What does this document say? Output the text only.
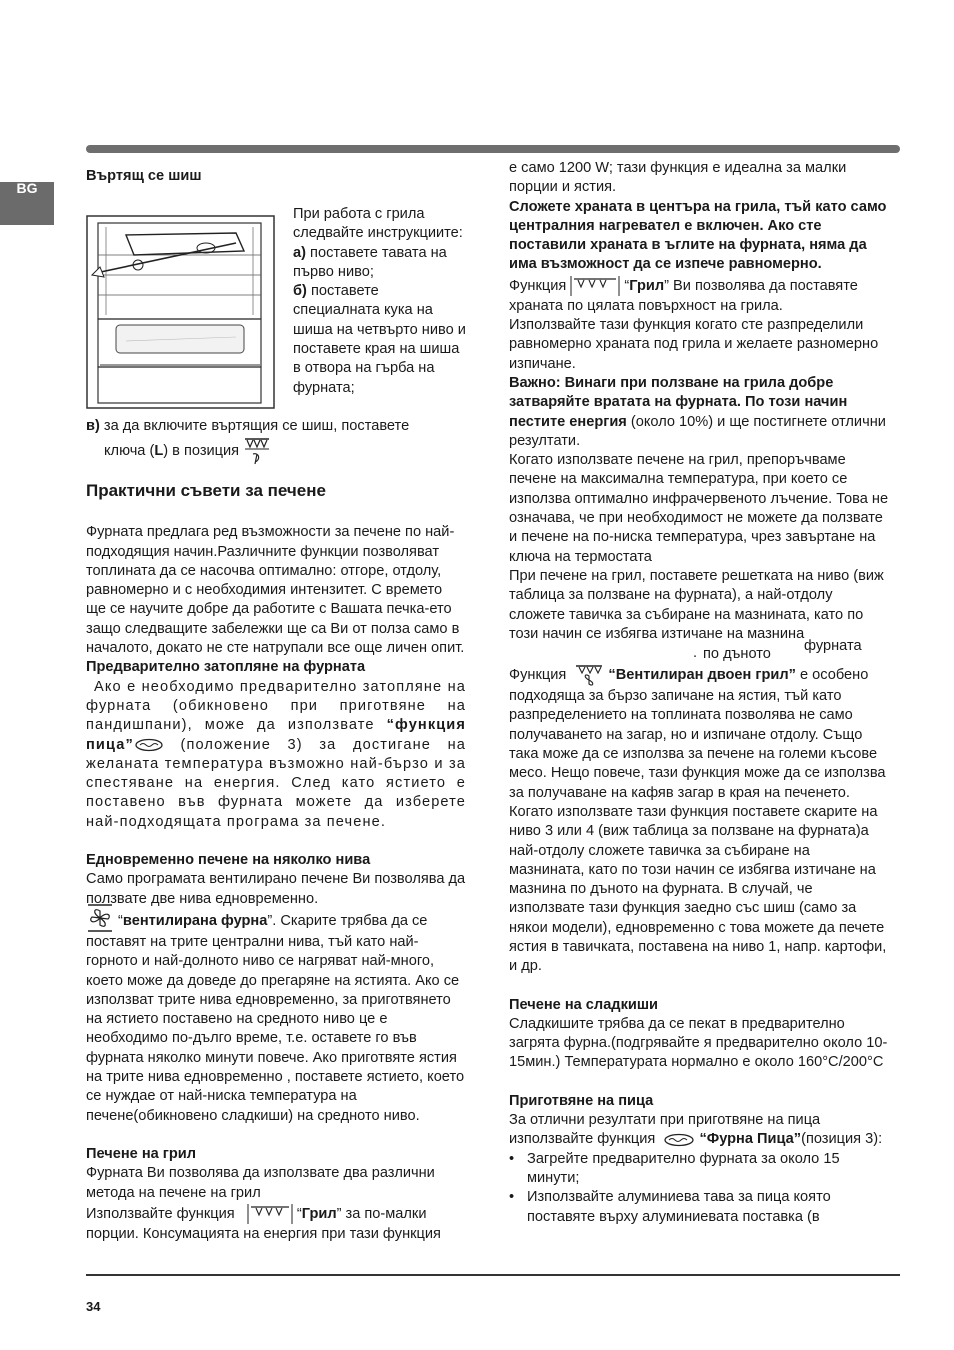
BG

Въртящ се шиш

При работа с грила следвайте инструкциите:

а) поставете тавата на първо ниво;

б) поставете специалната кука на шиша на четвърто ниво и поставете края на шиша в отвора на гърба на фурната;

в) за да включите въртящия се шиш, поставете

ключа (L) в позиция

Практични съвети за печене

Фурната предлага ред възможности за печене по най-подходящия начин.Различните функции позволяват топлината да се насочва оптимално: отгоре, отдолу, равномерно и с необходимия интензитет. С времето ще се научите добре да работите с Вашата печка-ето защо следващите забележки ще са Ви от полза само в началото, докато не сте натрупали все още личен опит.

Предварително затопляне на фурната

Ако е необходимо предварително затопляне на фурната (обикновено при приготвяне на пандишпани), може да използвате “функция пица”	(положение 3) за достигане на желаната температура възможно най-бързо и за спестяване на енергия. След като ястието е поставено във фурната можете да изберете най-подходящата програма за печене.

Едновременно печене на няколко нива

Само програмата вентилирано печене Ви позволява да ползвате две нива едновременно.

“вентилирана фурна”. Скарите трябва да се поставят на трите централни нива, тъй като най-горното и най-долното ниво се нагряват най-много, което може да доведе до прегаряне на ястията. Ако се използват трите нива едновременно, за приготвянето на ястието поставено на средното ниво це е необходимо по-дълго време, т.е. оставете го във фурната няколко минути повече. Ако приготвяте ястия на трите нива едновременно , поставете ястието, което се нуждае от най-ниска температура на печене(обикновено сладкиши) на средното ниво.

Печене на грил

Фурната Ви позволява да използвате два различни метода на печене на грил

Използвайте функция	“Грил” за по-малки порции. Консумацията на енергия при тази функция

е само 1200 W; тази функция е идеална за малки порции и ястия.

Сложете храната в центъра на грила, тъй като само централния нагревател е включен. Ако сте поставили храната в ъглите на фурната, няма да има възможност да се изпече равномерно.

Функция	“Грил” Ви позволява да поставяте храната по цялата повърхност на грила.

Използвайте тази функция когато сте разпределили равномерно храната под грила и желаете разномерно изпичане.

Важно: Винаги при ползване на грила добре затваряйте вратата на фурната. По този начин пестите енергия (около 10%) и ще постигнете отлични резултати.

Когато използвате печене на грил, препоръчваме печене на максимална температура, при което се използва оптимално инфрачервеното лъчение. Това не означава, че при необходимост не можете да ползвате и печене на по-ниска температура, чрез завъртане на ключа на термостата

При печене на грил, поставете решетката на ниво (виж таблица за ползване на фурната), а най-отдолу сложете тавичка за събиране на мазнината, като по този начин се избягва изтичане на мазнина

. по дъното фурната

Функция	“Вентилиран двоен грил” е особено подходяща за бързо запичане на ястия, тъй като разпределението на топлината позволява не само получаването на загар, но и изпичане отдолу. Също така може да се използва за печене на големи късове месо. Нещо повече, тази функция може да се използва за получаване на кафяв загар в края на печенето.

Когато използвате тази функция поставете скарите на ниво 3 или 4 (виж таблица за ползване на фурната)а най-отдолу сложете тавичка за събиране на мазнината, като по този начин се избягва изтичане на мазнина по дъното на фурната. В случай, че използвате тази функция заедно със шиш (само за някои модели), едновременно с това можете да печете ястия в тавичката, поставена на ниво 1, напр. картофи, и др.

Печене на сладкиши

Сладкишите трябва да се пекат в предварително загрята фурна.(подгрявайте я предварително около 10-15мин.) Температурата нормално е около 160°С/200°С

Приготвяне на пица

За отлични резултати при приготвяне на пица

използвайте функция	“Фурна Пица”(позиция 3):

• Загрейте предварително фурната за около 15 минути;

• Използвайте алуминиева тава за пица която поставяте върху алуминиевата поставка (в

34
